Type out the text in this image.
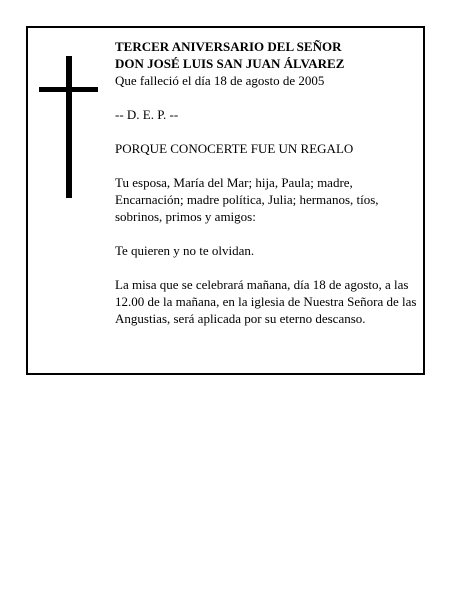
TERCER ANIVERSARIO DEL SEÑOR

DON JOSÉ LUIS SAN JUAN ÁLVAREZ

Que falleció el día 18 de agosto de 2005

-- D. E. P. --

PORQUE CONOCERTE FUE UN REGALO

Tu esposa, María del Mar; hija, Paula; madre, Encarnación; madre política, Julia; hermanos, tíos, sobrinos, primos y amigos:

Te quieren y no te olvidan.

La misa que se celebrará mañana, día 18 de agosto, a las 12.00 de la mañana, en la iglesia de Nuestra Señora de las Angustias, será aplicada por su eterno descanso.
